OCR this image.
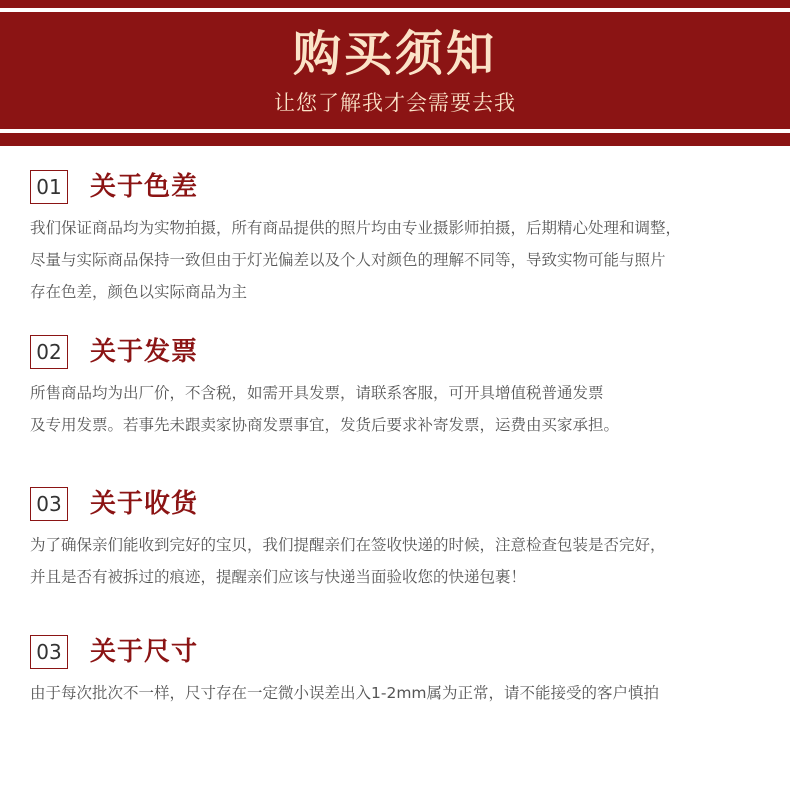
购买须知
让您了解我才会需要去我
01 关于色差

我们保证商品均为实物拍摄，所有商品提供的照片均由专业摄影师拍摄，后期精心处理和调整，

尽量与实际商品保持一致但由于灯光偏差以及个人对颜色的理解不同等，导致实物可能与照片

存在色差，颜色以实际商品为主

02 关于发票

所售商品均为出厂价，不含税，如需开具发票，请联系客服，可开具增值税普通发票

及专用发票。若事先未跟卖家协商发票事宜，发货后要求补寄发票，运费由买家承担。

03 关于收货

为了确保亲们能收到完好的宝贝，我们提醒亲们在签收快递的时候，注意检查包装是否完好，

并且是否有被拆过的痕迹，提醒亲们应该与快递当面验收您的快递包裹！

03 关于尺寸

由于每次批次不一样，尺寸存在一定微小误差出入1-2mm属为正常，请不能接受的客户慎拍
